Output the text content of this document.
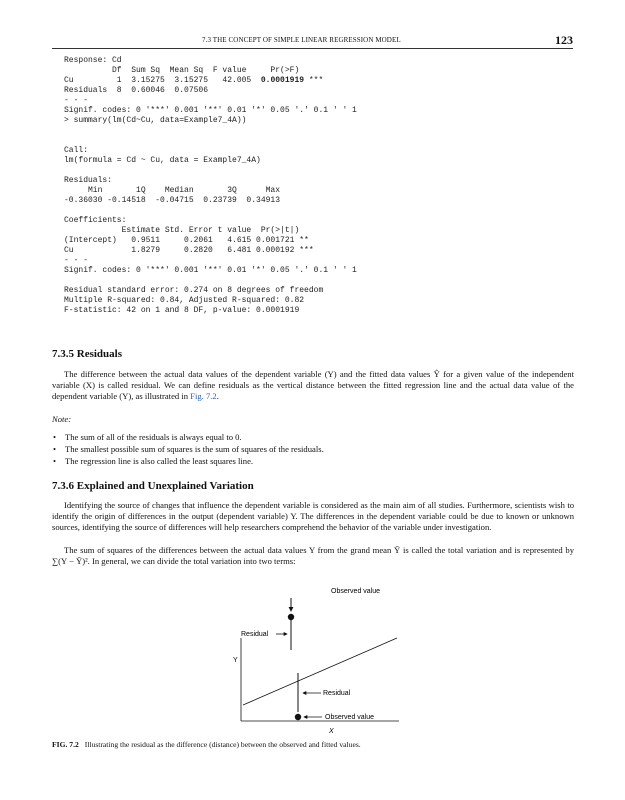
7.3 THE CONCEPT OF SIMPLE LINEAR REGRESSION MODEL	123
Response: Cd
Df  Sum Sq  Mean Sq  F value     Pr(>F)
Cu         1  3.15275  3.15275   42.005  0.0001919 ***
Residuals  8  0.60046  0.07506
- - -
Signif. codes: 0 '***' 0.001 '**' 0.01 '*' 0.05 '.' 0.1 ' ' 1
> summary(lm(Cd~Cu, data=Example7_4A))
Call:
lm(formula = Cd ~ Cu, data = Example7_4A)

Residuals:
Min       1Q    Median       3Q      Max
-0.36030 -0.14518  -0.04715  0.23739  0.34913

Coefficients:
Estimate Std. Error t value  Pr(>|t|)
(Intercept)   0.9511     0.2061   4.615 0.001721 **
Cu            1.8279     0.2820   6.481 0.000192 ***
- - -
Signif. codes: 0 '***' 0.001 '**' 0.01 '*' 0.05 '.' 0.1 ' ' 1

Residual standard error: 0.274 on 8 degrees of freedom
Multiple R-squared: 0.84, Adjusted R-squared: 0.82
F-statistic: 42 on 1 and 8 DF, p-value: 0.0001919
7.3.5 Residuals

The difference between the actual data values of the dependent variable (Y) and the fitted data values Ŷ for a given value of the independent variable (X) is called residual. We can define residuals as the vertical distance between the fitted regression line and the actual data value of the dependent variable (Y), as illustrated in Fig. 7.2.

Note:

• The sum of all of the residuals is always equal to 0.
• The smallest possible sum of squares is the sum of squares of the residuals.
• The regression line is also called the least squares line.
7.3.6 Explained and Unexplained Variation

Identifying the source of changes that influence the dependent variable is considered as the main aim of all studies. Furthermore, scientists wish to identify the origin of differences in the output (dependent variable) Y. The differences in the dependent variable could be due to known or unknown sources, identifying the source of differences will help researchers comprehend the behavior of the variable under investigation.

The sum of squares of the differences between the actual data values Y from the grand mean Ȳ is called the total variation and is represented by ∑(Y − Ȳ)². In general, we can divide the total variation into two terms:

Observed value
Residual
Y
Residual
Observed value
X
FIG. 7.2 Illustrating the residual as the difference (distance) between the observed and fitted values.
